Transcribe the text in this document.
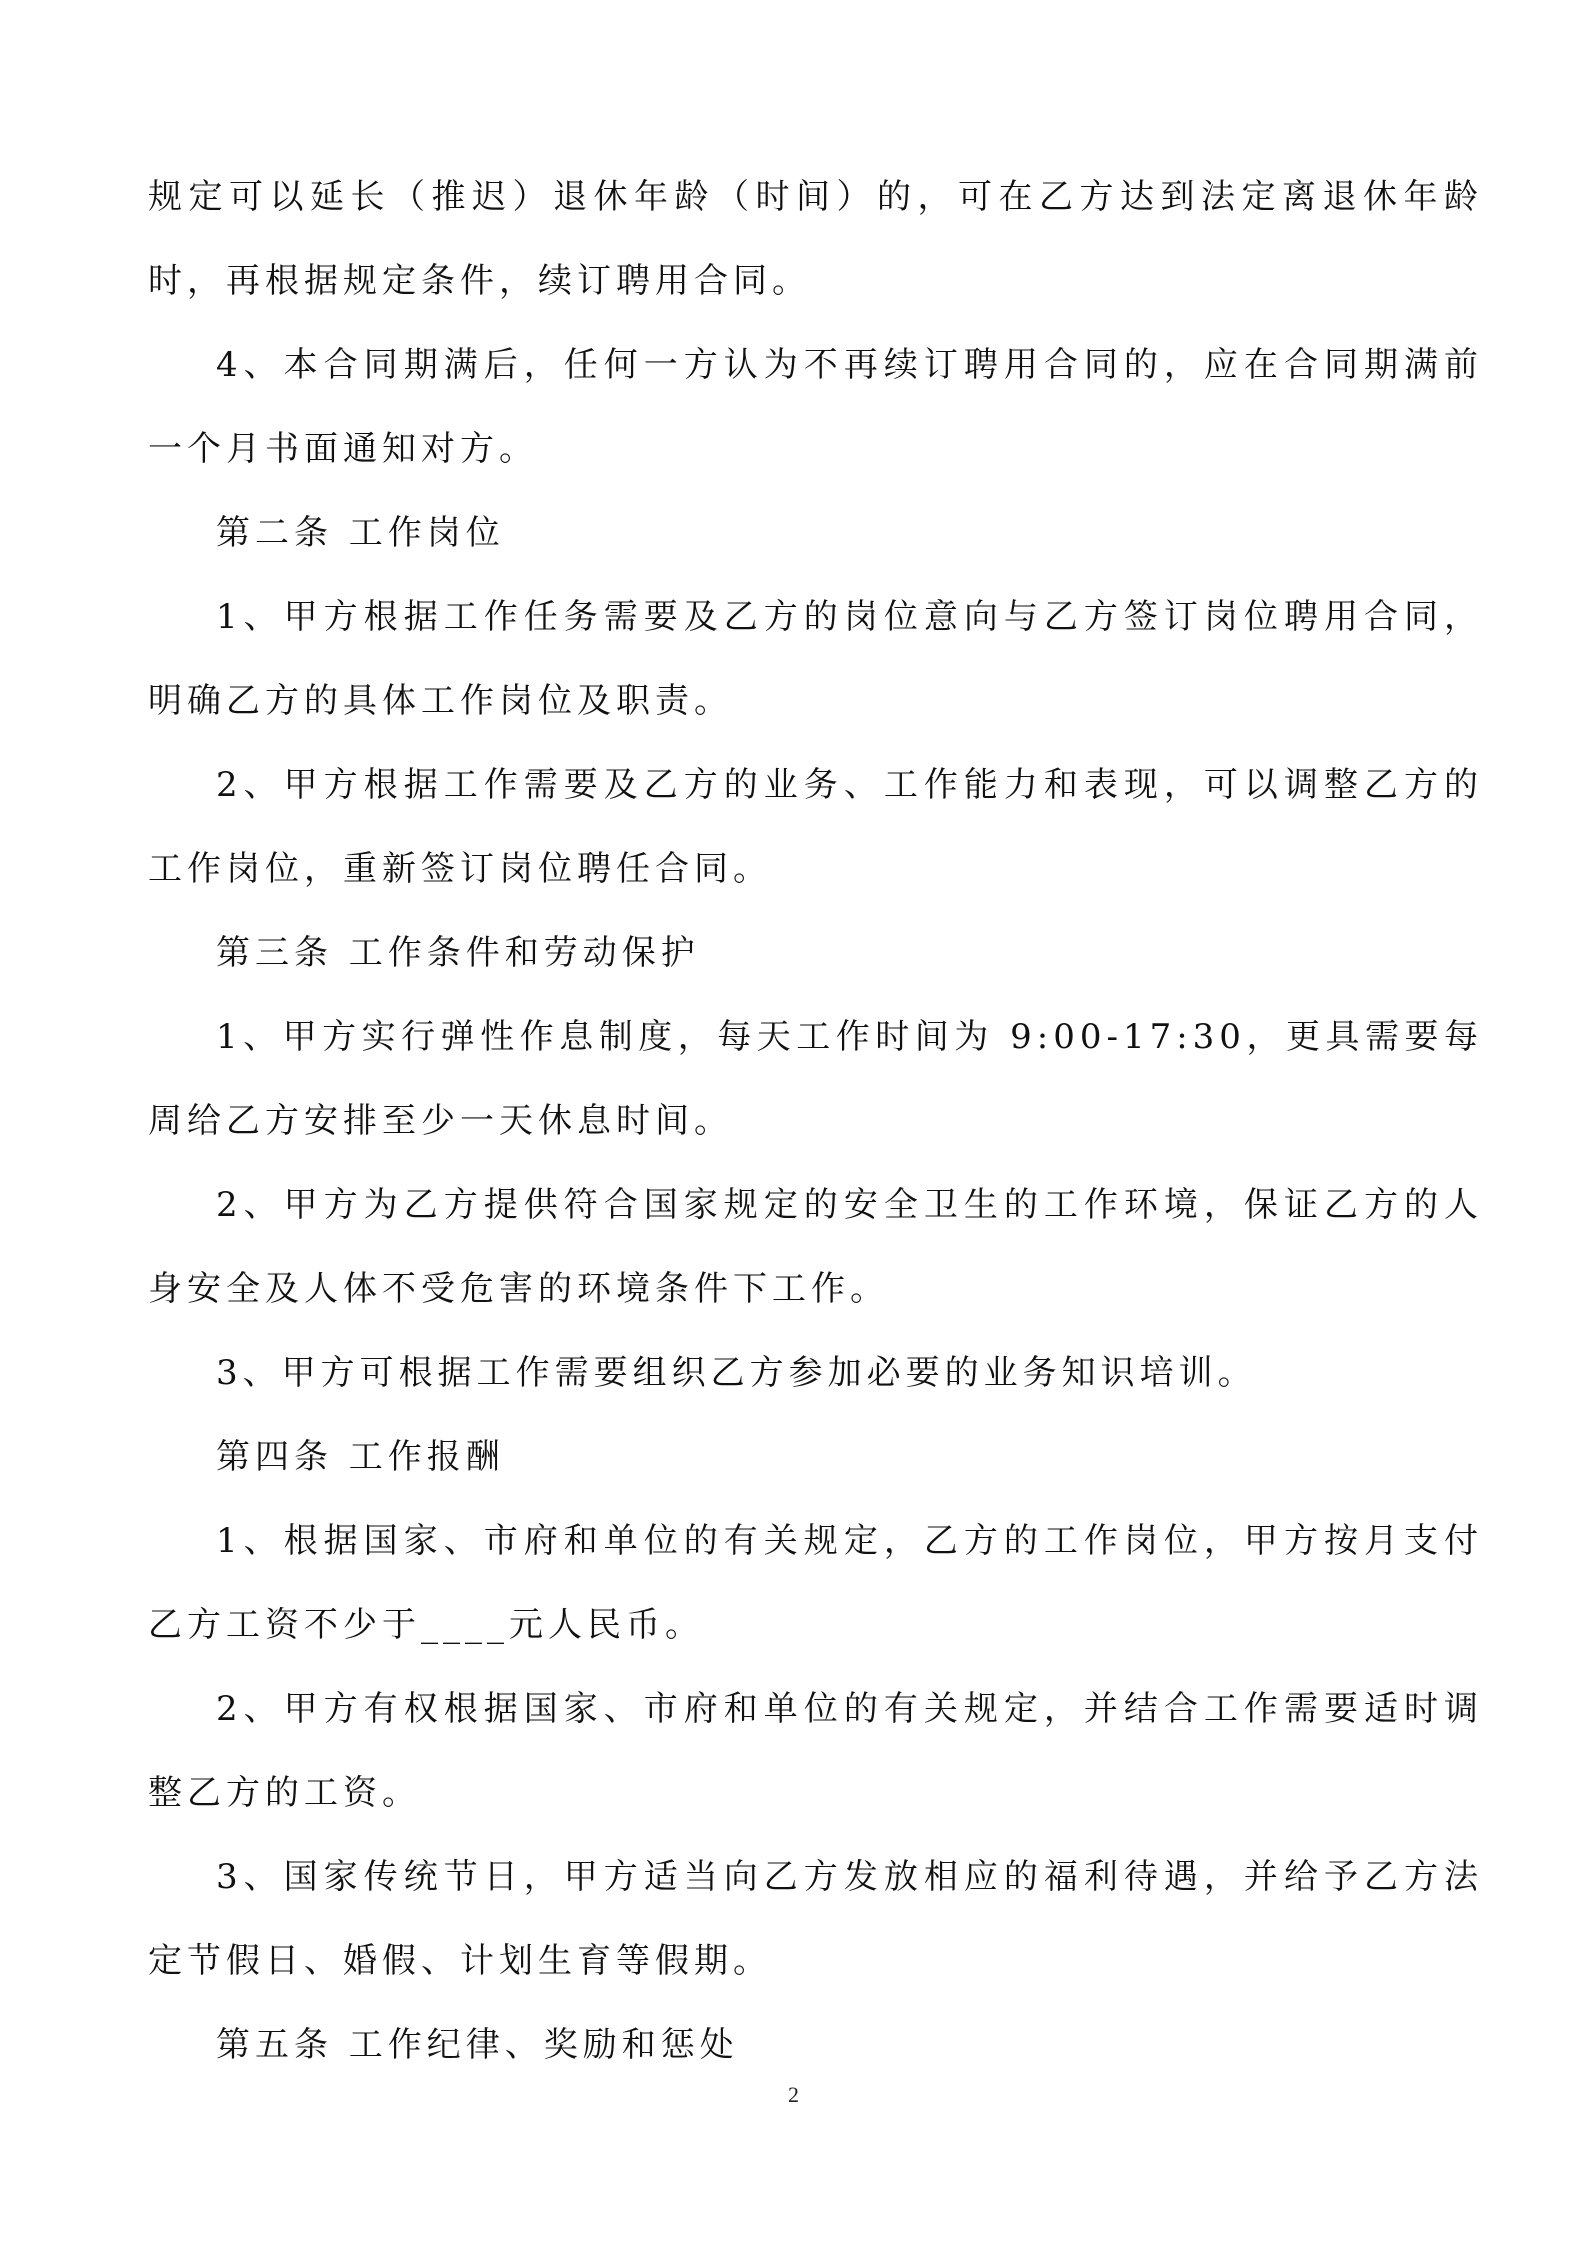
规定可以延长（推迟）退休年龄（时间）的，可在乙方达到法定离退休年龄时，再根据规定条件，续订聘用合同。

4、本合同期满后，任何一方认为不再续订聘用合同的，应在合同期满前一个月书面通知对方。

第二条 工作岗位

1、甲方根据工作任务需要及乙方的岗位意向与乙方签订岗位聘用合同，明确乙方的具体工作岗位及职责。

2、甲方根据工作需要及乙方的业务、工作能力和表现，可以调整乙方的工作岗位，重新签订岗位聘任合同。

第三条 工作条件和劳动保护

1、甲方实行弹性作息制度，每天工作时间为 9:00-17:30，更具需要每周给乙方安排至少一天休息时间。

2、甲方为乙方提供符合国家规定的安全卫生的工作环境，保证乙方的人身安全及人体不受危害的环境条件下工作。

3、甲方可根据工作需要组织乙方参加必要的业务知识培训。

第四条 工作报酬

1、根据国家、市府和单位的有关规定，乙方的工作岗位，甲方按月支付乙方工资不少于____元人民币。

2、甲方有权根据国家、市府和单位的有关规定，并结合工作需要适时调整乙方的工资。

3、国家传统节日，甲方适当向乙方发放相应的福利待遇，并给予乙方法定节假日、婚假、计划生育等假期。

第五条 工作纪律、奖励和惩处

2
